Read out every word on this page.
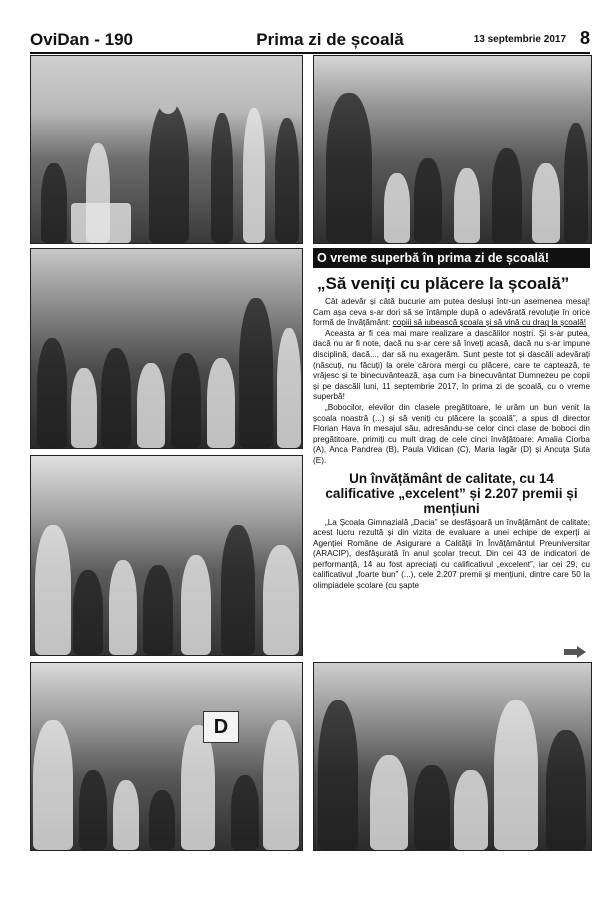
OviDan - 190	Prima zi de școală	13 septembrie 2017 8
D
O vreme superbă în prima zi de școală!
„Să veniți cu plăcere la școală”

Cât adevăr și câtă bucurie am putea desluși într-un asemenea mesaj! Cam așa ceva s-ar dori să se întâmple după o adevărată revoluție în orice formă de învățământ: copiii să iubească școala și să vină cu drag la școală!

Aceasta ar fi cea mai mare realizare a dascălilor noștri. Și s-ar putea, dacă nu ar fi note, dacă nu s-ar cere să înveți acasă, dacă nu s-ar impune disciplină, dacă..., dar să nu exagerăm. Sunt peste tot și dascăli adevărați (născuți, nu făcuți) la orele cărora mergi cu plăcere, care te captează, te vrăjesc și te binecuvântează, așa cum i-a binecuvântat Dumnezeu pe copii și pe dascăli luni, 11 septembrie 2017, în prima zi de școală, cu o vreme superbă!

„Bobocilor, elevilor din clasele pregătitoare, le urăm un bun venit la școala noastră (...) și să veniți cu plăcere la școală”, a spus dl director Florian Hava în mesajul său, adresându-se celor cinci clase de boboci din pregătitoare, primiți cu mult drag de cele cinci învățătoare: Amalia Ciorba (A), Anca Pandrea (B), Paula Vidican (C), Maria Iagăr (D) și Ancuța Șuta (E).

Un învățământ de calitate, cu 14 calificative „excelent” și 2.207 premii și mențiuni

„La Școala Gimnazială „Dacia” se desfășoară un învățământ de calitate; acest lucru rezultă și din vizita de evaluare a unei echipe de experți ai Agenției Române de Asigurare a Calității în Învățământul Preuniversitar (ARACIP), desfășurată în anul școlar trecut. Din cei 43 de indicatori de performanță, 14 au fost apreciați cu calificativul „excelent”, iar cei 29, cu calificativul „foarte bun” (...), cele 2.207 premii și mențiuni, dintre care 50 la olimpiadele școlare (cu șapte
